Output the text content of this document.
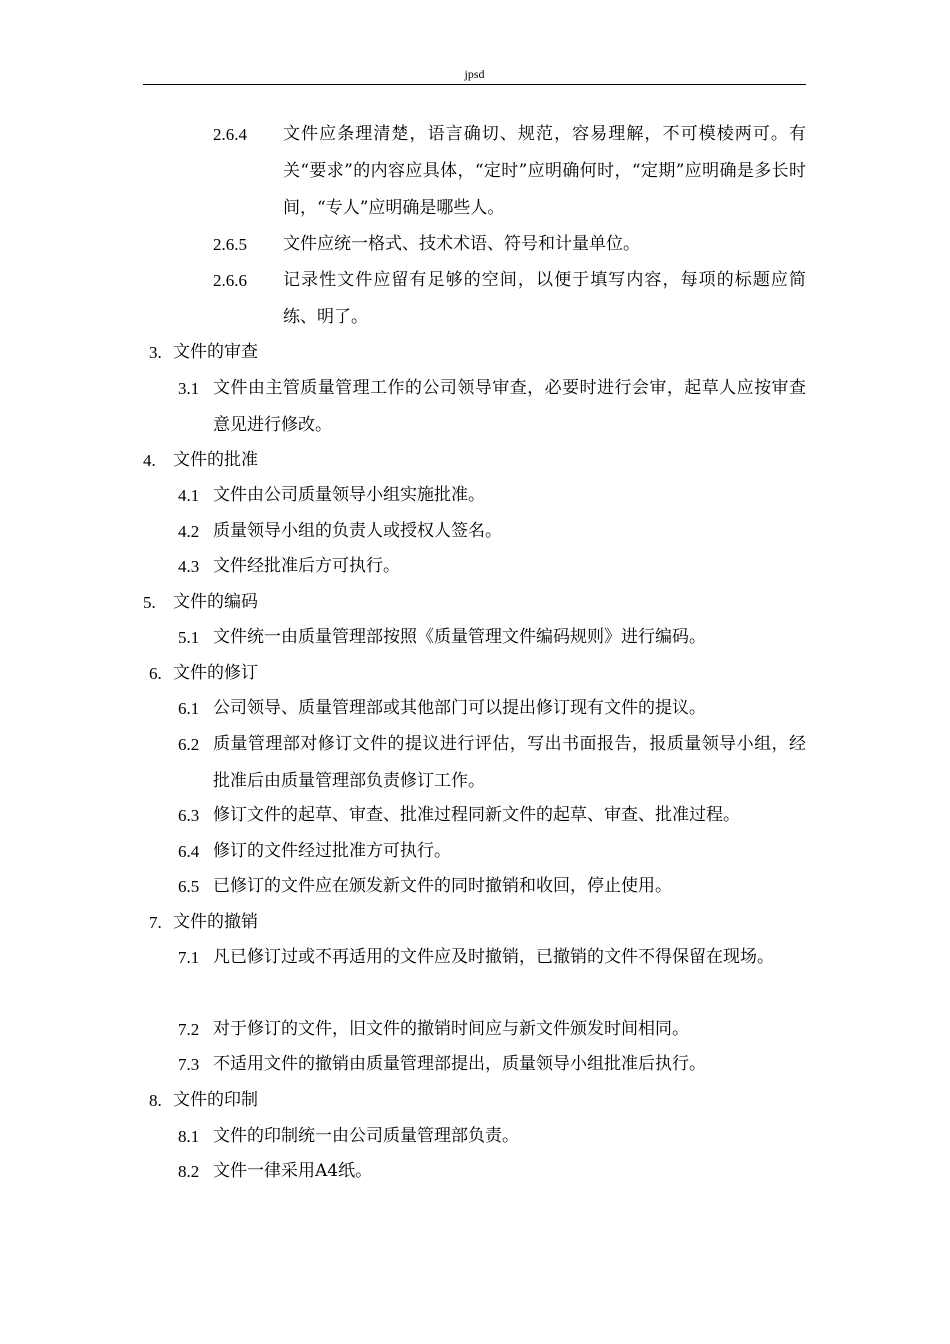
jpsd
2.6.4 文件应条理清楚，语言确切、规范，容易理解，不可模棱两可。有关“要求”的内容应具体，“定时”应明确何时，“定期”应明确是多长时间，“专人”应明确是哪些人。
2.6.5 文件应统一格式、技术术语、符号和计量单位。
2.6.6 记录性文件应留有足够的空间，以便于填写内容，每项的标题应简练、明了。
3. 文件的审查
3.1 文件由主管质量管理工作的公司领导审查，必要时进行会审，起草人应按审查意见进行修改。
4. 文件的批准
4.1 文件由公司质量领导小组实施批准。
4.2 质量领导小组的负责人或授权人签名。
4.3 文件经批准后方可执行。
5. 文件的编码
5.1 文件统一由质量管理部按照《质量管理文件编码规则》进行编码。
6. 文件的修订
6.1 公司领导、质量管理部或其他部门可以提出修订现有文件的提议。
6.2 质量管理部对修订文件的提议进行评估，写出书面报告，报质量领导小组，经批准后由质量管理部负责修订工作。
6.3 修订文件的起草、审查、批准过程同新文件的起草、审查、批准过程。
6.4 修订的文件经过批准方可执行。
6.5 已修订的文件应在颁发新文件的同时撤销和收回，停止使用。
7. 文件的撤销
7.1 凡已修订过或不再适用的文件应及时撤销，已撤销的文件不得保留在现场。
7.2 对于修订的文件，旧文件的撤销时间应与新文件颁发时间相同。
7.3 不适用文件的撤销由质量管理部提出，质量领导小组批准后执行。
8. 文件的印制
8.1 文件的印制统一由公司质量管理部负责。
8.2 文件一律采用A4纸。
